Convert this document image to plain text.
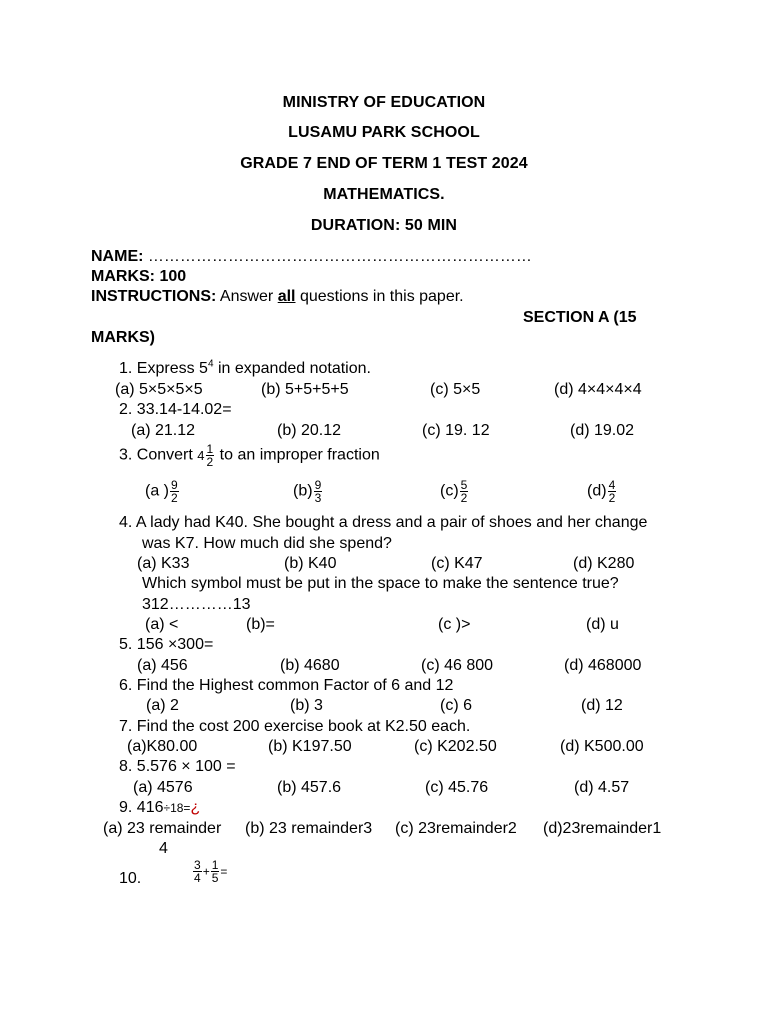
MINISTRY OF EDUCATION
LUSAMU PARK SCHOOL
GRADE 7 END OF TERM 1 TEST 2024
MATHEMATICS.
DURATION: 50 MIN
NAME: ………………………………………………………………
MARKS: 100
INSTRUCTIONS: Answer all questions in this paper.
SECTION A (15
MARKS)
1. Express $5^4$ in expanded notation.
(a) 5×5×5×5	(b) 5+5+5+5	(c) 5×5	(d) 4×4×4×4
2. 33.14-14.02=
(a) 21.12	(b) 20.12	(c) 19. 12	(d) 19.02
3. Convert $4 \frac{1}{2}$ to an improper fraction
(a ) $\frac{9}{2}$	$(b) \frac{9}{3}$	$(c) \frac{5}{2}$	$(d) \frac{4}{2}$
4. A lady had K40. She bought a dress and a pair of shoes and her change
was K7. How much did she spend?
(a) K33	(b) K40	(c) K47	(d) K280
Which symbol must be put in the space to make the sentence true?
312…………13
(a) <	(b)=	(c )>	(d) u
5. 156 ×300=
(a) 456	(b) 4680	(c) 46 800	(d) 468000
6. Find the Highest common Factor of 6 and 12
(a) 2	(b) 3	(c) 6	(d) 12
7. Find the cost 200 exercise book at K2.50 each.
(a)K80.00	(b) K197.50	(c) K202.50	(d) K500.00
8. 5.576 × 100 =
(a) 4576	(b) 457.6	(c) 45.76	(d) 4.57
9. 416÷18=¿
(a) 23 remainder (b) 23 remainder3 (c) 23remainder2 (d)23remainder1
4
10.	$\frac{3}{4} + \frac{1}{5}$ =
